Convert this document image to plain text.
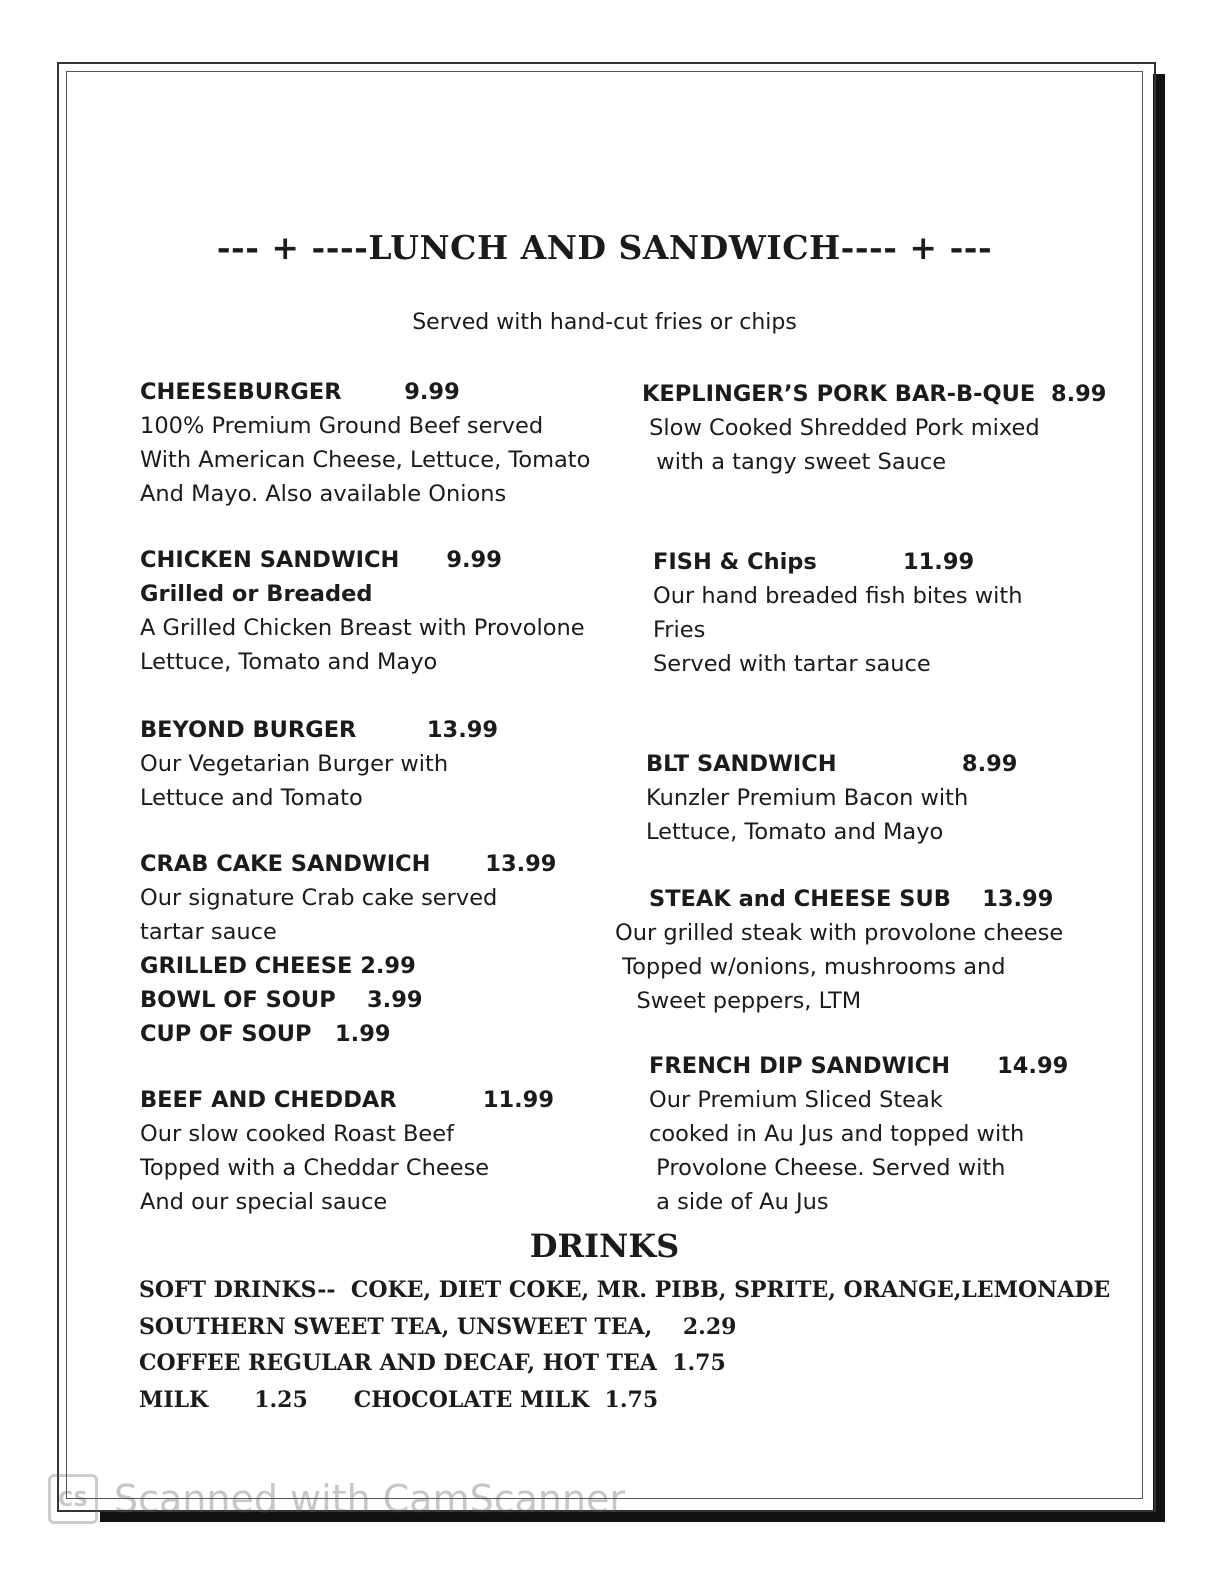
--- + ----LUNCH AND SANDWICH---- + ---
Served with hand-cut fries or chips
CHEESEBURGER        9.99
100% Premium Ground Beef served
With American Cheese, Lettuce, Tomato
And Mayo. Also available Onions
CHICKEN SANDWICH      9.99
Grilled or Breaded
A Grilled Chicken Breast with Provolone
Lettuce, Tomato and Mayo
BEYOND BURGER         13.99
Our Vegetarian Burger with
Lettuce and Tomato
CRAB CAKE SANDWICH       13.99
Our signature Crab cake served
tartar sauce
GRILLED CHEESE 2.99
BOWL OF SOUP    3.99
CUP OF SOUP   1.99
BEEF AND CHEDDAR           11.99
Our slow cooked Roast Beef
Topped with a Cheddar Cheese
And our special sauce
KEPLINGER’S PORK BAR-B-QUE  8.99
Slow Cooked Shredded Pork mixed
with a tangy sweet Sauce
FISH & Chips           11.99
Our hand breaded fish bites with
Fries
Served with tartar sauce
BLT SANDWICH                8.99
Kunzler Premium Bacon with
Lettuce, Tomato and Mayo
STEAK and CHEESE SUB    13.99
Our grilled steak with provolone cheese
Topped w/onions, mushrooms and
Sweet peppers, LTM
FRENCH DIP SANDWICH      14.99
Our Premium Sliced Steak
cooked in Au Jus and topped with
Provolone Cheese. Served with
a side of Au Jus
DRINKS
SOFT DRINKS--  COKE, DIET COKE, MR. PIBB, SPRITE, ORANGE,LEMONADE
SOUTHERN SWEET TEA, UNSWEET TEA,    2.29
COFFEE REGULAR AND DECAF, HOT TEA  1.75
MILK      1.25      CHOCOLATE MILK  1.75
CS Scanned with CamScanner
